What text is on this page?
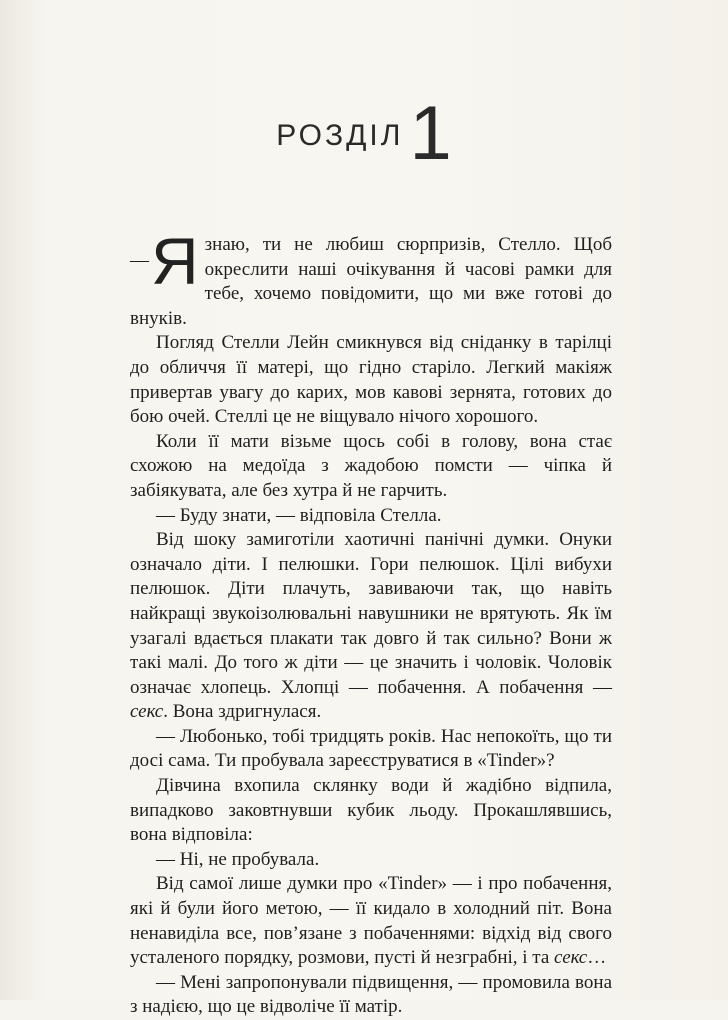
РОЗДІЛ1

— Я знаю, ти не любиш сюрпризів, Стелло. Щоб окреслити наші очікування й часові рамки для тебе, хочемо повідомити, що ми вже готові до внуків.

Погляд Стелли Лейн смикнувся від сніданку в тарілці до обличчя її матері, що гідно старіло. Легкий макіяж привертав увагу до карих, мов кавові зернята, готових до бою очей. Стеллі це не віщувало нічого хорошого.

Коли її мати візьме щось собі в голову, вона стає схожою на медоїда з жадобою помсти — чіпка й забіякувата, але без хутра й не гарчить.

— Буду знати, — відповіла Стелла.

Від шоку замиготіли хаотичні панічні думки. Онуки означало діти. І пелюшки. Гори пелюшок. Цілі вибухи пелюшок. Діти плачуть, завиваючи так, що навіть найкращі звукоізолювальні навушники не врятують. Як їм узагалі вдається плакати так довго й так сильно? Вони ж такі малі. До того ж діти — це значить і чоловік. Чоловік означає хлопець. Хлопці — побачення. А побачення — секс. Вона здригнулася.

— Любонько, тобі тридцять років. Нас непокоїть, що ти досі сама. Ти пробувала зареєструватися в «Tinder»?

Дівчина вхопила склянку води й жадібно відпила, випадково заковтнувши кубик льоду. Прокашлявшись, вона відповіла:

— Ні, не пробувала.

Від самої лише думки про «Tinder» — і про побачення, які й були його метою, — її кидало в холодний піт. Вона ненавиділа все, пов’язане з побаченнями: відхід від свого усталеного порядку, розмови, пусті й незграбні, і та секс…

— Мені запропонували підвищення, — промовила вона з надією, що це відволіче її матір.
